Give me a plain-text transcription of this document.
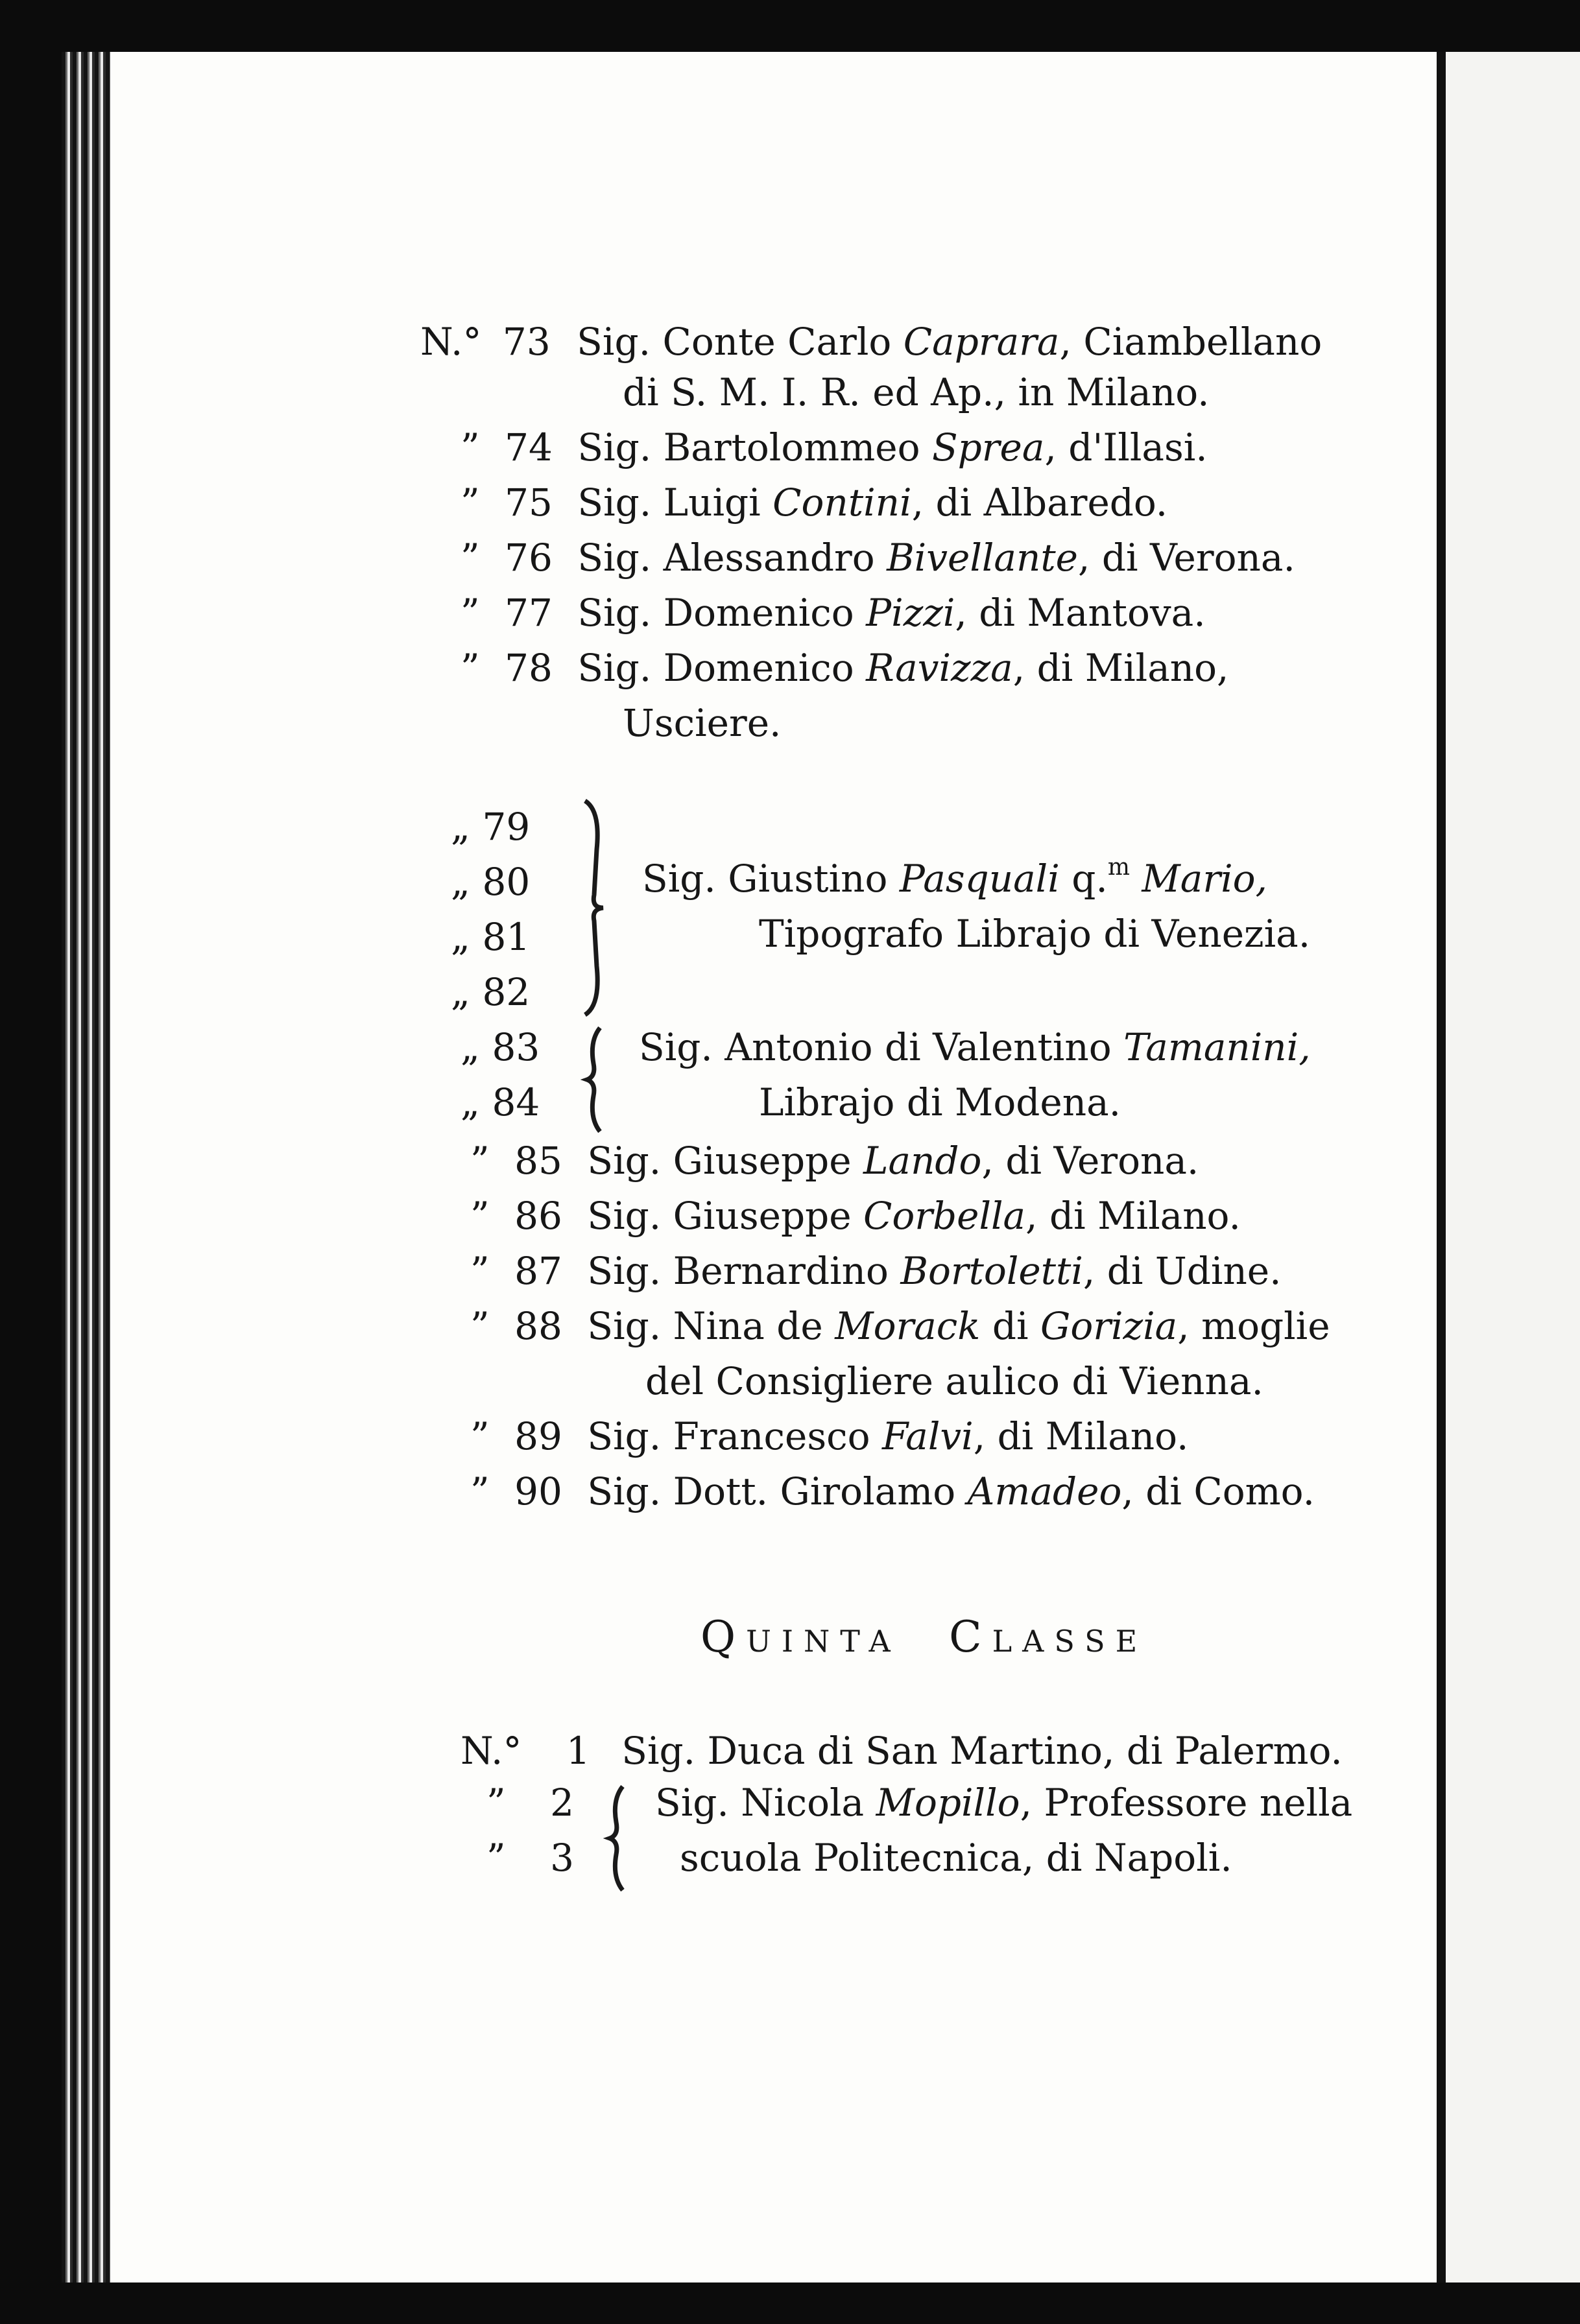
N.° 73 Sig. Conte Carlo Caprara, Ciambellano
di S. M. I. R. ed Ap., in Milano.
” 74 Sig. Bartolommeo Sprea, d'Illasi.
” 75 Sig. Luigi Contini, di Albaredo.
” 76 Sig. Alessandro Bivellante, di Verona.
” 77 Sig. Domenico Pizzi, di Mantova.
” 78 Sig. Domenico Ravizza, di Milano,
Usciere.
„ 79
„ 80
„ 81
„ 82
Sig. Giustino Pasquali q.$^m$ Mario,
Tipografo Librajo di Venezia.
„ 83
„ 84
Sig. Antonio di Valentino Tamanini,
Librajo di Modena.
” 85 Sig. Giuseppe Lando, di Verona.
” 86 Sig. Giuseppe Corbella, di Milano.
” 87 Sig. Bernardino Bortoletti, di Udine.
” 88 Sig. Nina de Morack di Gorizia, moglie
del Consigliere aulico di Vienna.
” 89 Sig. Francesco Falvi, di Milano.
” 90 Sig. Dott. Girolamo Amadeo, di Como.
QUINTA CLASSE
N.° 1 Sig. Duca di San Martino, di Palermo.
” 2
” 3
Sig. Nicola Mopillo, Professore nella
scuola Politecnica, di Napoli.
